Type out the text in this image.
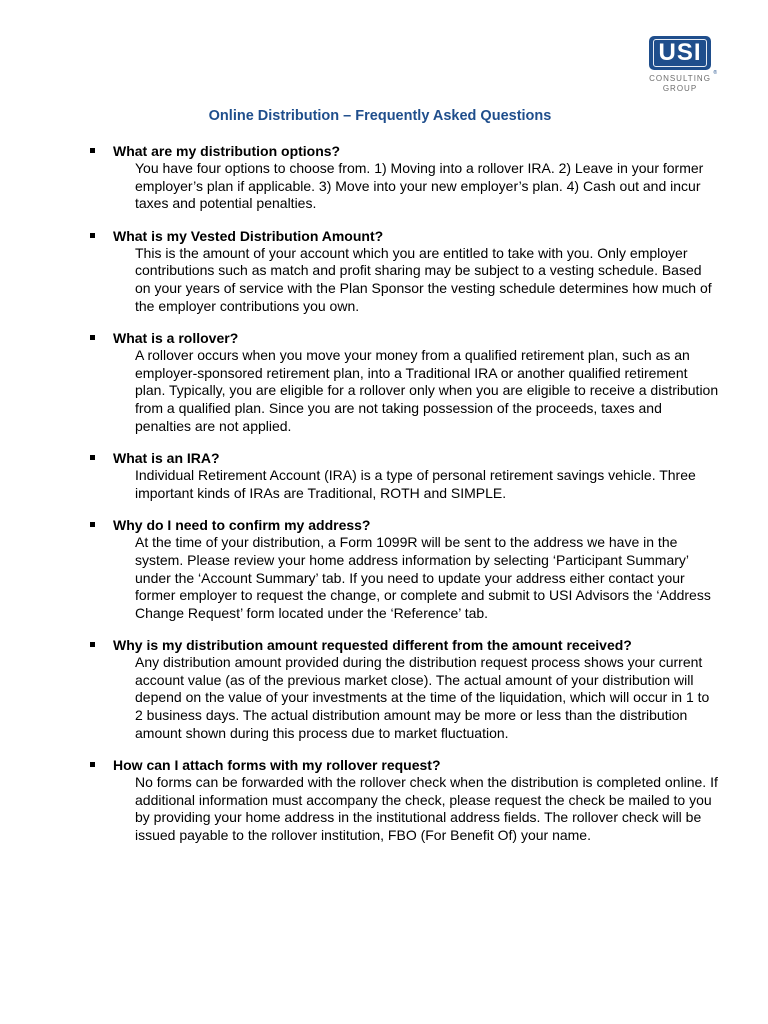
USI
®
CONSULTING
GROUP
Online Distribution – Frequently Asked Questions
What are my distribution options?
You have four options to choose from. 1) Moving into a rollover IRA. 2) Leave in your former employer’s plan if applicable. 3) Move into your new employer’s plan. 4) Cash out and incur taxes and potential penalties.
What is my Vested Distribution Amount?
This is the amount of your account which you are entitled to take with you. Only employer contributions such as match and profit sharing may be subject to a vesting schedule. Based on your years of service with the Plan Sponsor the vesting schedule determines how much of the employer contributions you own.
What is a rollover?
A rollover occurs when you move your money from a qualified retirement plan, such as an employer-sponsored retirement plan, into a Traditional IRA or another qualified retirement plan. Typically, you are eligible for a rollover only when you are eligible to receive a distribution from a qualified plan. Since you are not taking possession of the proceeds, taxes and penalties are not applied.
What is an IRA?
Individual Retirement Account (IRA) is a type of personal retirement savings vehicle. Three important kinds of IRAs are Traditional, ROTH and SIMPLE.
Why do I need to confirm my address?
At the time of your distribution, a Form 1099R will be sent to the address we have in the system. Please review your home address information by selecting ‘Participant Summary’ under the ‘Account Summary’ tab. If you need to update your address either contact your former employer to request the change, or complete and submit to USI Advisors the ‘Address Change Request’ form located under the ‘Reference’ tab.
Why is my distribution amount requested different from the amount received?
Any distribution amount provided during the distribution request process shows your current account value (as of the previous market close). The actual amount of your distribution will depend on the value of your investments at the time of the liquidation, which will occur in 1 to 2 business days. The actual distribution amount may be more or less than the distribution amount shown during this process due to market fluctuation.
How can I attach forms with my rollover request?
No forms can be forwarded with the rollover check when the distribution is completed online. If additional information must accompany the check, please request the check be mailed to you by providing your home address in the institutional address fields. The rollover check will be issued payable to the rollover institution, FBO (For Benefit Of) your name.
